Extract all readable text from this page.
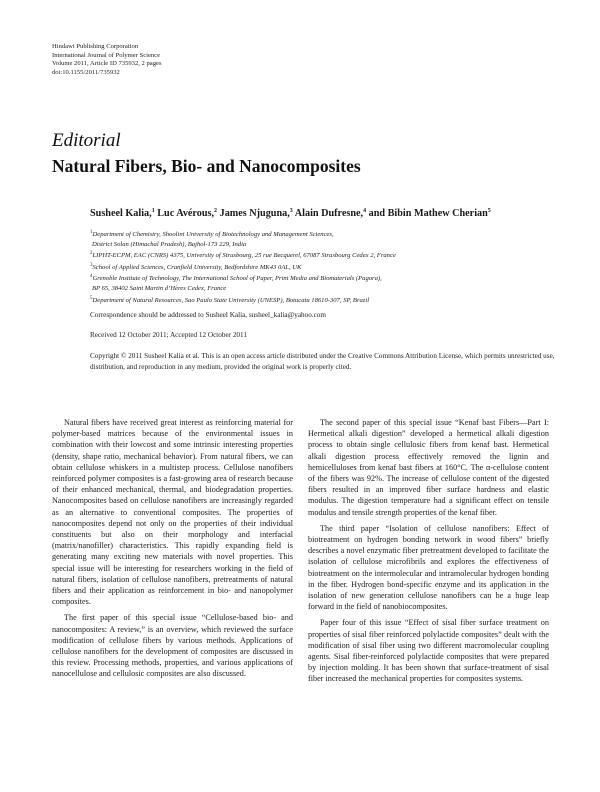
Hindawi Publishing Corporation
International Journal of Polymer Science
Volume 2011, Article ID 735932, 2 pages
doi:10.1155/2011/735932
Editorial
Natural Fibers, Bio- and Nanocomposites
Susheel Kalia,$^1$ Luc Avérous,$^2$ James Njuguna,$^3$ Alain Dufresne,$^4$ and Bibin Mathew Cherian$^5$
$^1$Department of Chemistry, Shoolini University of Biotechnology and Management Sciences,
District Solan (Himachal Pradesh), Bajhol-173 229, India
$^2$LIPHT-ECPM, EAC (CNRS) 4375, University of Strasbourg, 25 rue Becquerel, 67087 Strasbourg Cedex 2, France
$^3$School of Applied Sciences, Cranfield University, Bedfordshire MK43 0AL, UK
$^4$Grenoble Institute of Technology, The International School of Paper, Print Media and Biomaterials (Pagora),
BP 65, 38402 Saint Martin d’Hères Cedex, France
$^5$Department of Natural Resources, Sao Paulo State University (UNESP), Botucatu 18610-307, SP, Brazil
Correspondence should be addressed to Susheel Kalia, susheel_kalia@yahoo.com
Received 12 October 2011; Accepted 12 October 2011
Copyright © 2011 Susheel Kalia et al. This is an open access article distributed under the Creative Commons Attribution License, which permits unrestricted use, distribution, and reproduction in any medium, provided the original work is properly cited.

Natural fibers have received great interest as reinforcing material for polymer-based matrices because of the environmental issues in combination with their lowcost and some intrinsic interesting properties (density, shape ratio, mechanical behavior). From natural fibers, we can obtain cellulose whiskers in a multistep process. Cellulose nanofibers reinforced polymer composites is a fast-growing area of research because of their enhanced mechanical, thermal, and biodegradation properties. Nanocomposites based on cellulose nanofibers are increasingly regarded as an alternative to conventional composites. The properties of nanocomposites depend not only on the properties of their individual constituents but also on their morphology and interfacial (matrix/nanofiller) characteristics. This rapidly expanding field is generating many exciting new materials with novel properties. This special issue will be interesting for researchers working in the field of natural fibers, isolation of cellulose nanofibers, pretreatments of natural fibers and their application as reinforcement in bio- and nanopolymer composites.

The first paper of this special issue “Cellulose-based bio- and nanocomposites: A review,” is an overview, which reviewed the surface modification of cellulose fibers by various methods. Applications of cellulose nanofibers for the development of composites are discussed in this review. Processing methods, properties, and various applications of nanocellulose and cellulosic composites are also discussed.

The second paper of this special issue “Kenaf bast Fibers—Part I: Hermetical alkali digestion” developed a hermetical alkali digestion process to obtain single cellulosic fibers from kenaf bast. Hermetical alkali digestion process effectively removed the lignin and hemicelluloses from kenaf bast fibers at 160°C. The α-cellulose content of the fibers was 92%. The increase of cellulose content of the digested fibers resulted in an improved fiber surface hardness and elastic modulus. The digestion temperature had a significant effect on tensile modulus and tensile strength properties of the kenaf fiber.

The third paper “Isolation of cellulose nanofibers: Effect of biotreatment on hydrogen bonding network in wood fibers” briefly describes a novel enzymatic fiber pretreatment developed to facilitate the isolation of cellulose microfibrils and explores the effectiveness of biotreatment on the intermolecular and intramolecular hydrogen bonding in the fiber. Hydrogen bond-specific enzyme and its application in the isolation of new generation cellulose nanofibers can be a huge leap forward in the field of nanobiocomposites.

Paper four of this issue “Effect of sisal fiber surface treatment on properties of sisal fiber reinforced polylactide composites” dealt with the modification of sisal fiber using two different macromolecular coupling agents. Sisal fiber-reinforced polylactide composites that were prepared by injection molding. It has been shown that surface-treatment of sisal fiber increased the mechanical properties for composites systems.
